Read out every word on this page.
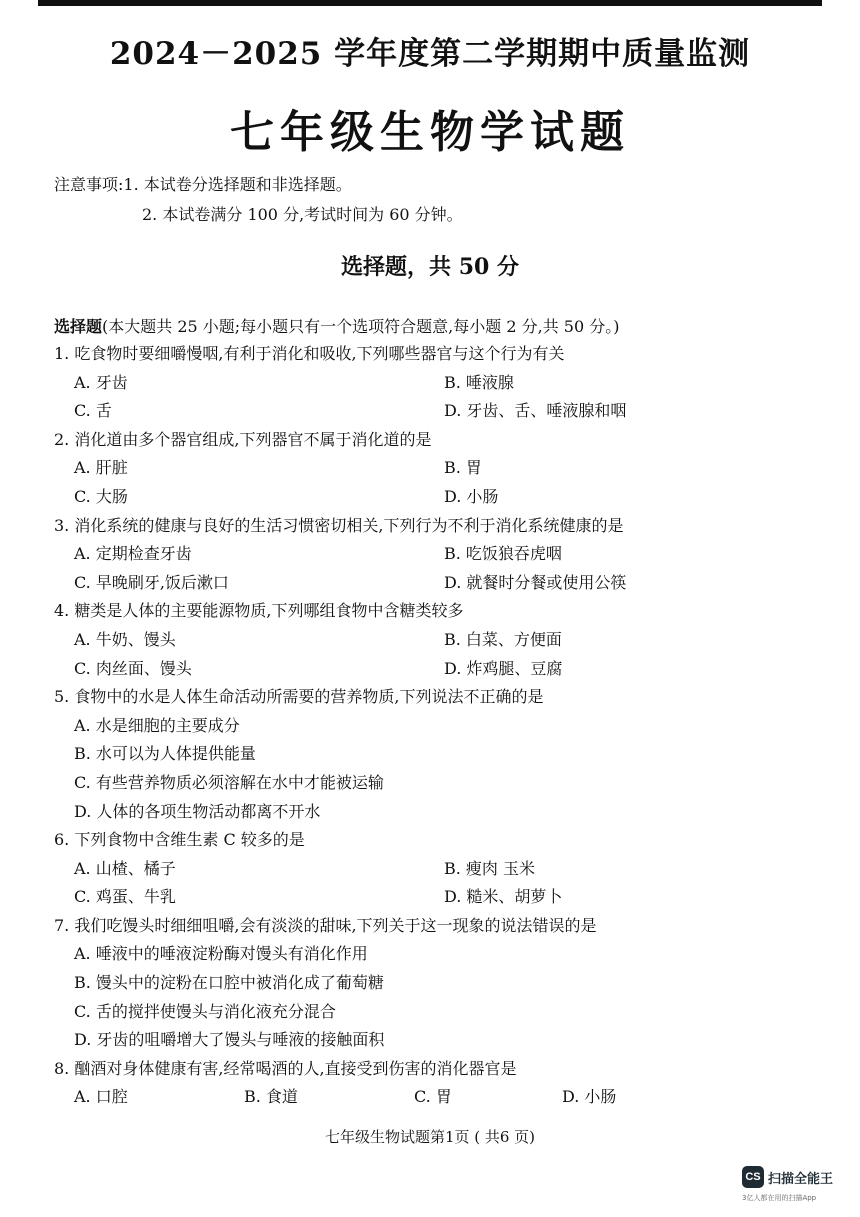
2024－2025 学年度第二学期期中质量监测
七年级生物学试题
注意事项:1. 本试卷分选择题和非选择题。
2. 本试卷满分 100 分,考试时间为 60 分钟。
选择题，共 50 分
选择题(本大题共 25 小题;每小题只有一个选项符合题意,每小题 2 分,共 50 分。)
1. 吃食物时要细嚼慢咽,有利于消化和吸收,下列哪些器官与这个行为有关
A. 牙齿	B. 唾液腺
C. 舌	D. 牙齿、舌、唾液腺和咽
2. 消化道由多个器官组成,下列器官不属于消化道的是
A. 肝脏	B. 胃
C. 大肠	D. 小肠
3. 消化系统的健康与良好的生活习惯密切相关,下列行为不利于消化系统健康的是
A. 定期检查牙齿	B. 吃饭狼吞虎咽
C. 早晚刷牙,饭后漱口	D. 就餐时分餐或使用公筷
4. 糖类是人体的主要能源物质,下列哪组食物中含糖类较多
A. 牛奶、馒头	B. 白菜、方便面
C. 肉丝面、馒头	D. 炸鸡腿、豆腐
5. 食物中的水是人体生命活动所需要的营养物质,下列说法不正确的是
A. 水是细胞的主要成分
B. 水可以为人体提供能量
C. 有些营养物质必须溶解在水中才能被运输
D. 人体的各项生物活动都离不开水
6. 下列食物中含维生素 C 较多的是
A. 山楂、橘子	B. 瘦肉 玉米
C. 鸡蛋、牛乳	D. 糙米、胡萝卜
7. 我们吃馒头时细细咀嚼,会有淡淡的甜味,下列关于这一现象的说法错误的是
A. 唾液中的唾液淀粉酶对馒头有消化作用
B. 馒头中的淀粉在口腔中被消化成了葡萄糖
C. 舌的搅拌使馒头与消化液充分混合
D. 牙齿的咀嚼增大了馒头与唾液的接触面积
8. 酗酒对身体健康有害,经常喝酒的人,直接受到伤害的消化器官是
A. 口腔	B. 食道	C. 胃	D. 小肠
七年级生物试题第1页 ( 共6 页)
CS 扫描全能王
3亿人都在用的扫描App
